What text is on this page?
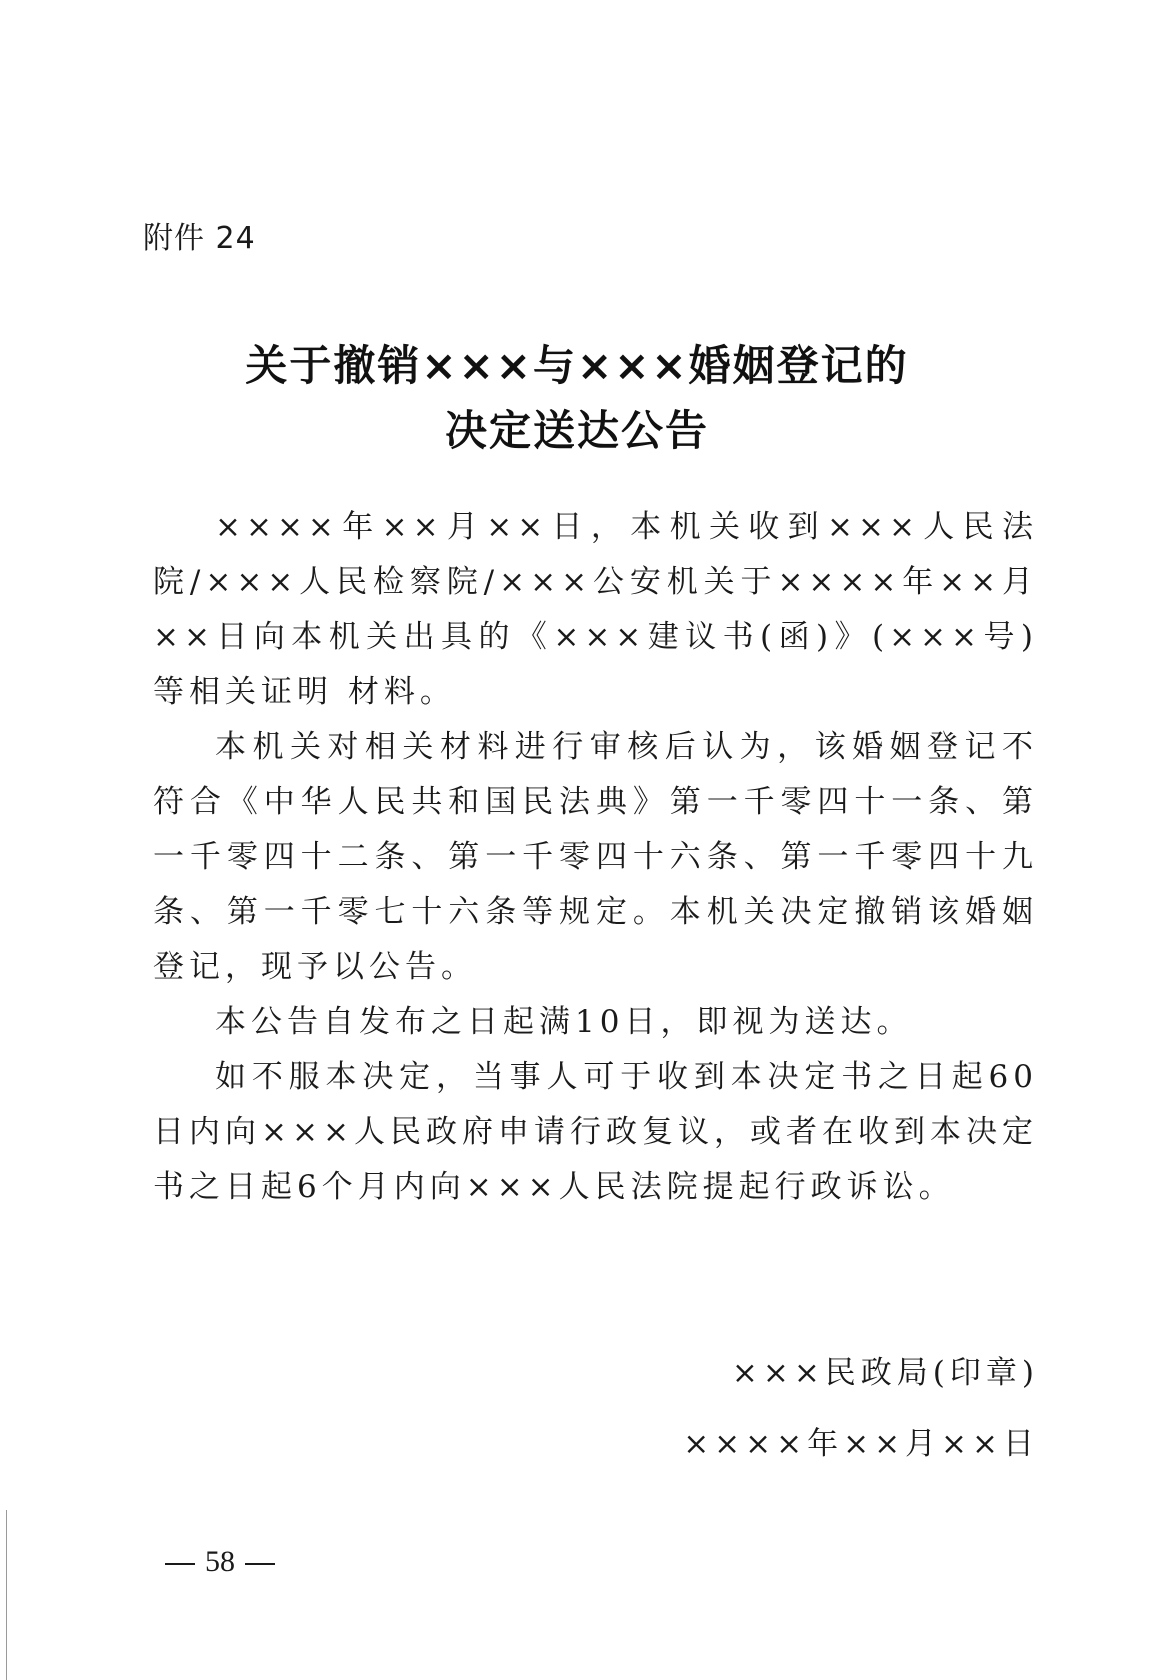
附件 24
关于撤销×××与×××婚姻登记的
决定送达公告

××××年××月××日，本机关收到×××人民法院/×××人民检察院/×××公安机关于××××年××月××日向本机关出具的《×××建议书(函)》(×××号)等相关证明 材料。

本机关对相关材料进行审核后认为，该婚姻登记不符合《中华人民共和国民法典》第一千零四十一条、第一千零四十二条、第一千零四十六条、第一千零四十九条、第一千零七十六条等规定。本机关决定撤销该婚姻登记，现予以公告。

本公告自发布之日起满10日，即视为送达。

如不服本决定，当事人可于收到本决定书之日起60日内向×××人民政府申请行政复议，或者在收到本决定书之日起6个月内向×××人民法院提起行政诉讼。

×××民政局(印章)
××××年××月××日
58
